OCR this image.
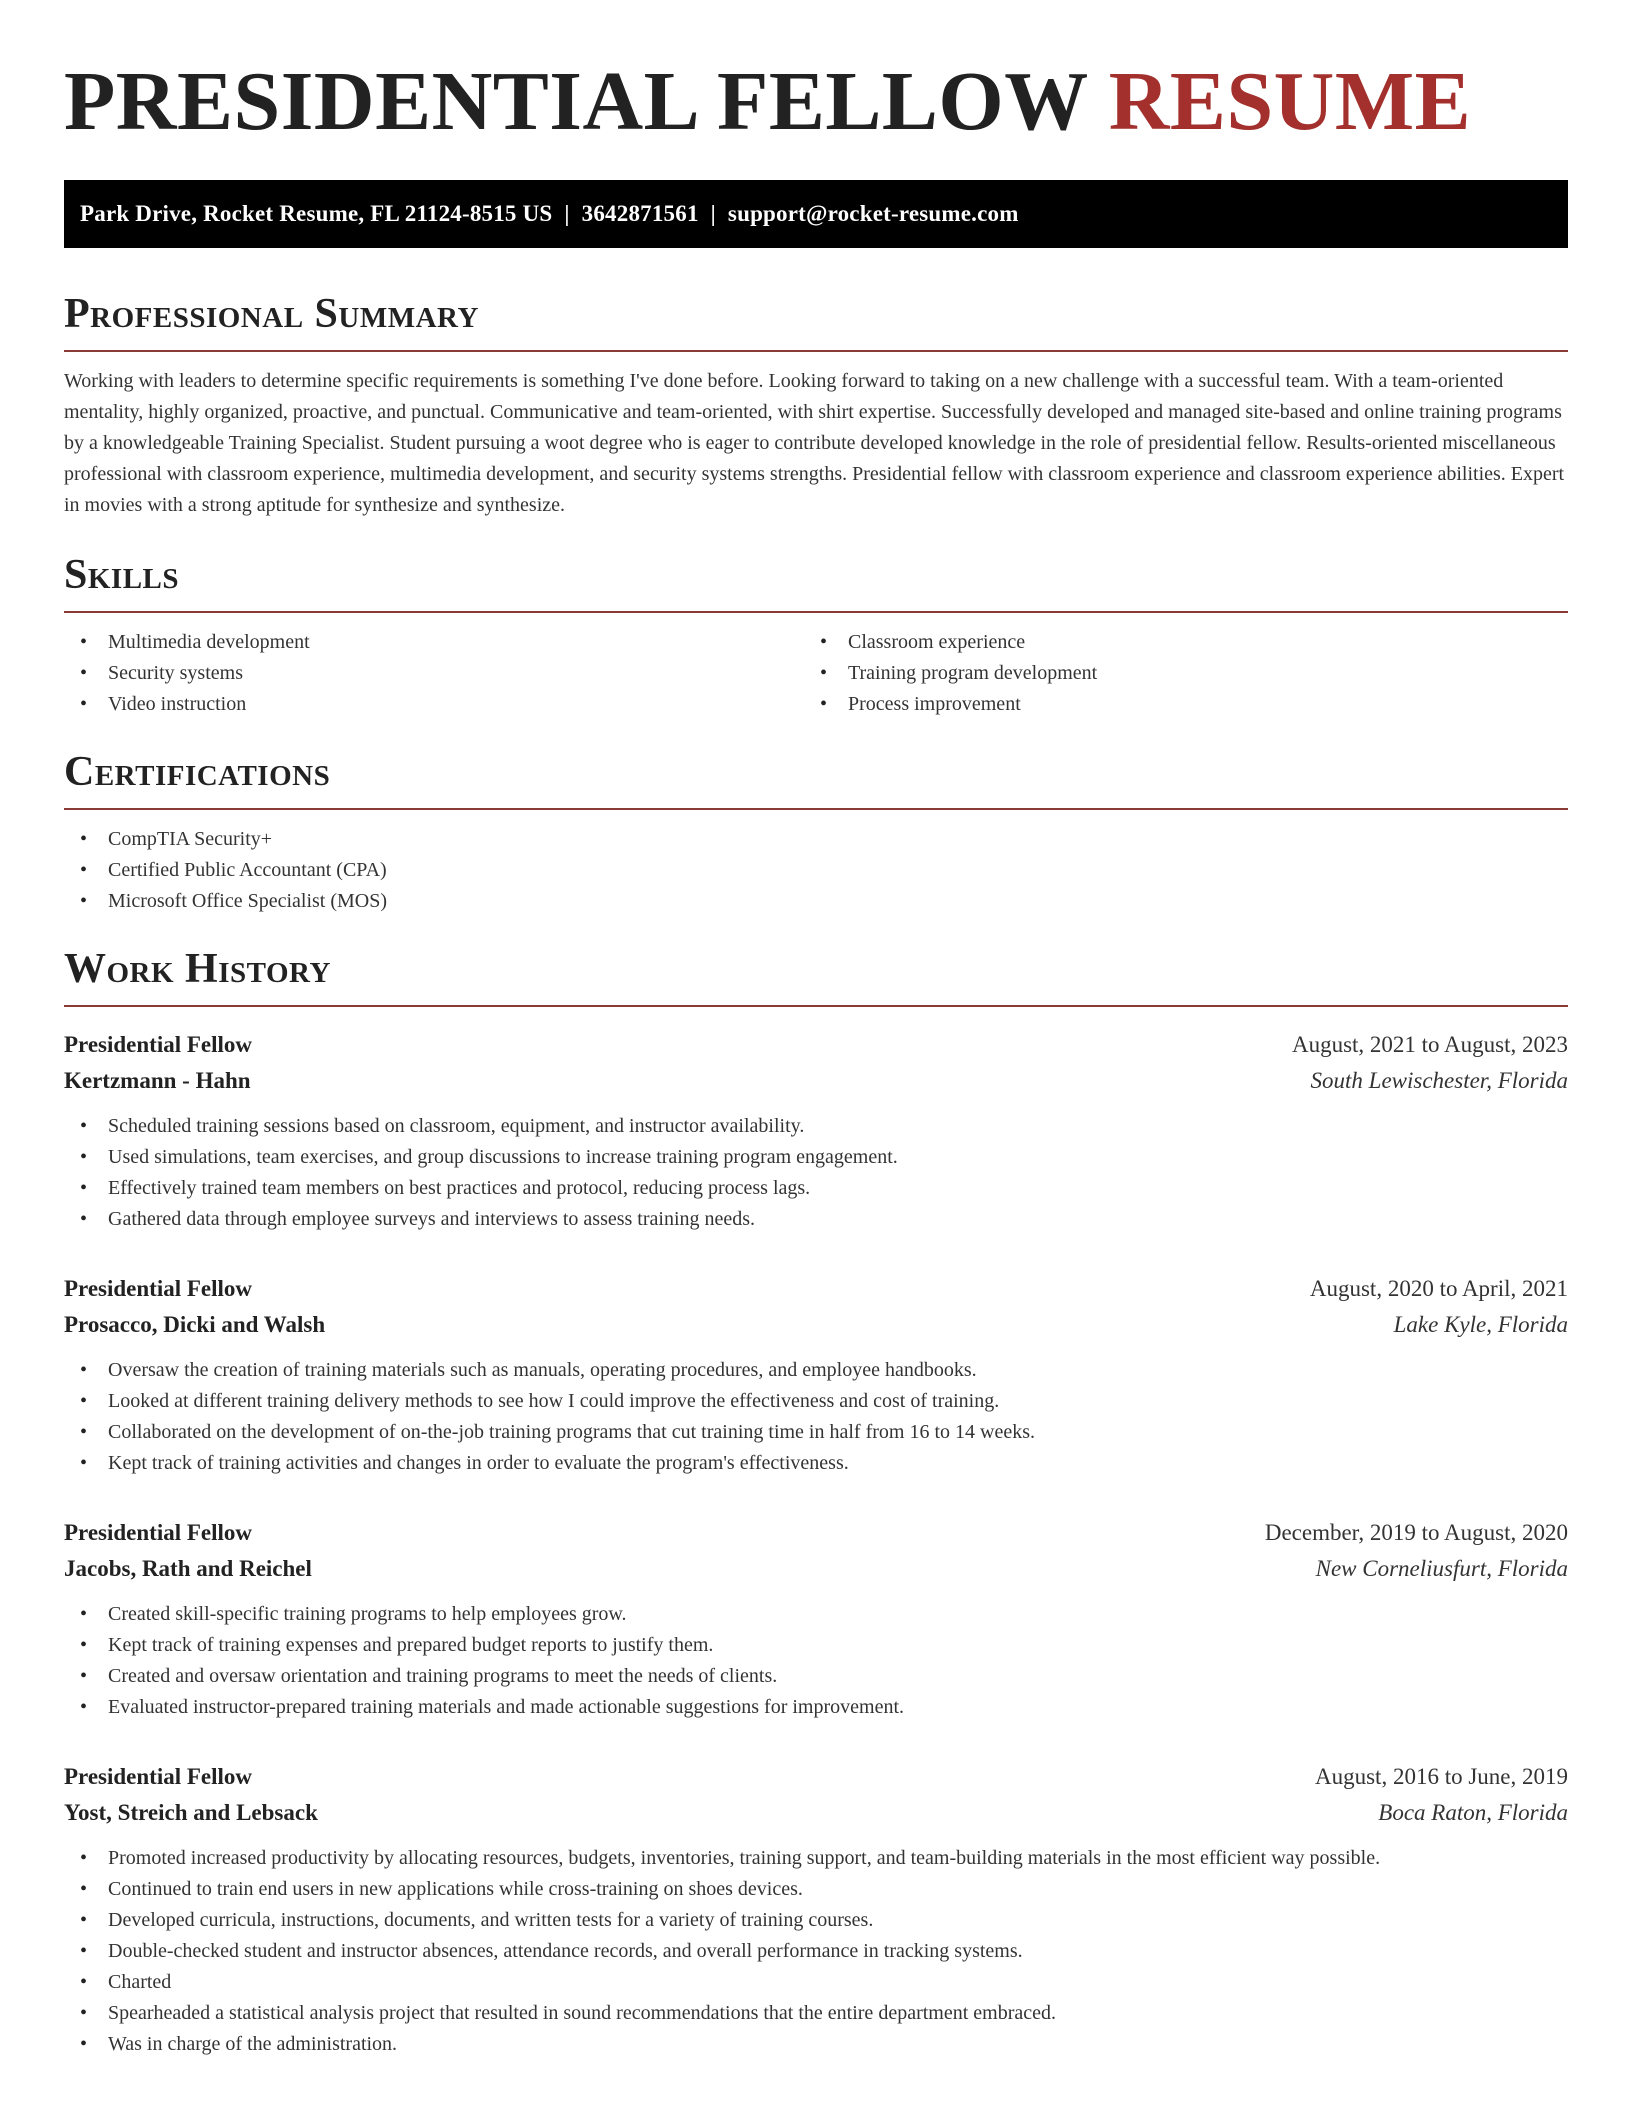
PRESIDENTIAL FELLOW RESUME
Park Drive, Rocket Resume, FL 21124-8515 US | 3642871561 | support@rocket-resume.com
Professional Summary

Working with leaders to determine specific requirements is something I've done before. Looking forward to taking on a new challenge with a successful team. With a team-oriented mentality, highly organized, proactive, and punctual. Communicative and team-oriented, with shirt expertise. Successfully developed and managed site-based and online training programs by a knowledgeable Training Specialist. Student pursuing a woot degree who is eager to contribute developed knowledge in the role of presidential fellow. Results-oriented miscellaneous professional with classroom experience, multimedia development, and security systems strengths. Presidential fellow with classroom experience and classroom experience abilities. Expert in movies with a strong aptitude for synthesize and synthesize.

Skills
• Multimedia development
• Security systems
• Video instruction
• Classroom experience
• Training program development
• Process improvement
Certifications
• CompTIA Security+
• Certified Public Accountant (CPA)
• Microsoft Office Specialist (MOS)
Work History
Presidential Fellow	August, 2021 to August, 2023
Kertzmann - Hahn	South Lewischester, Florida
• Scheduled training sessions based on classroom, equipment, and instructor availability.
• Used simulations, team exercises, and group discussions to increase training program engagement.
• Effectively trained team members on best practices and protocol, reducing process lags.
• Gathered data through employee surveys and interviews to assess training needs.
Presidential Fellow	August, 2020 to April, 2021
Prosacco, Dicki and Walsh	Lake Kyle, Florida
• Oversaw the creation of training materials such as manuals, operating procedures, and employee handbooks.
• Looked at different training delivery methods to see how I could improve the effectiveness and cost of training.
• Collaborated on the development of on-the-job training programs that cut training time in half from 16 to 14 weeks.
• Kept track of training activities and changes in order to evaluate the program's effectiveness.
Presidential Fellow	December, 2019 to August, 2020
Jacobs, Rath and Reichel	New Corneliusfurt, Florida
• Created skill-specific training programs to help employees grow.
• Kept track of training expenses and prepared budget reports to justify them.
• Created and oversaw orientation and training programs to meet the needs of clients.
• Evaluated instructor-prepared training materials and made actionable suggestions for improvement.
Presidential Fellow	August, 2016 to June, 2019
Yost, Streich and Lebsack	Boca Raton, Florida
• Promoted increased productivity by allocating resources, budgets, inventories, training support, and team-building materials in the most efficient way possible.
• Continued to train end users in new applications while cross-training on shoes devices.
• Developed curricula, instructions, documents, and written tests for a variety of training courses.
• Double-checked student and instructor absences, attendance records, and overall performance in tracking systems.
• Charted
• Spearheaded a statistical analysis project that resulted in sound recommendations that the entire department embraced.
• Was in charge of the administration.
